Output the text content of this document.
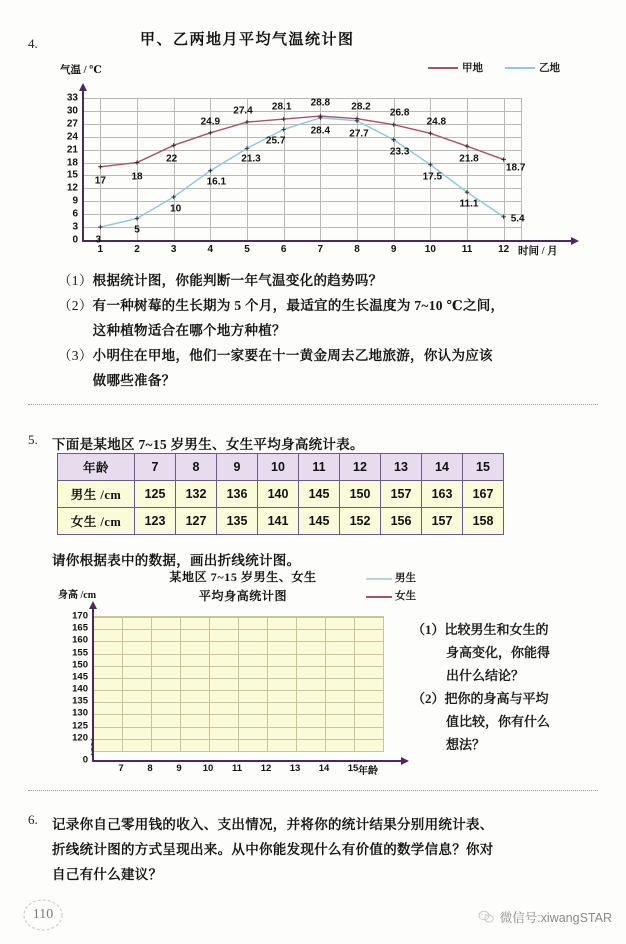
4.	甲、乙两地月平均气温统计图
气温 / ℃	甲地	乙地
0
3
6
9
12
15
18
21
24
27
30
33
1	2	3	4	5	6	7	8	9	10	11	12
17	18
22
24.9
27.4 28.1 28.8 28.2
26.8
24.8
21.8
18.7
3
5
10
16.1
21.3
25.7
28.4 27.7
23.3
17.5
11.1
5.4
时间 / 月
（1） 根据统计图，你能判断一年气温变化的趋势吗？
（2） 有一种树莓的生长期为 5 个月，最适宜的生长温度为 7~10 ℃之间，
这种植物适合在哪个地方种植？
（3） 小明住在甲地，他们一家要在十一黄金周去乙地旅游，你认为应该
做哪些准备？
5. 下面是某地区 7~15 岁男生、女生平均身高统计表。
年龄	7	8	9	10	11	12	13	14	15
男生 /cm	125	132	136	140	145	150	157	163	167
女生 /cm	123	127	135	141	145	152	156	157	158
请你根据表中的数据，画出折线统计图。
身高 /cm
某地区 7~15 岁男生、女生
平均身高统计图
男生
女生
120
125
130
135
140
145
150
155
160
165
170
0
7 8 9 10 11 12 13 14 15 年龄
（1）比较男生和女生的
身高变化，你能得
出什么结论？
（2）把你的身高与平均
值比较，你有什么
想法？
6. 记录你自己零用钱的收入、支出情况，并将你的统计结果分别用统计表、
折线统计图的方式呈现出来。从中你能发现什么有价值的数学信息？你对
自己有什么建议？
110	微信号:xiwangSTAR
